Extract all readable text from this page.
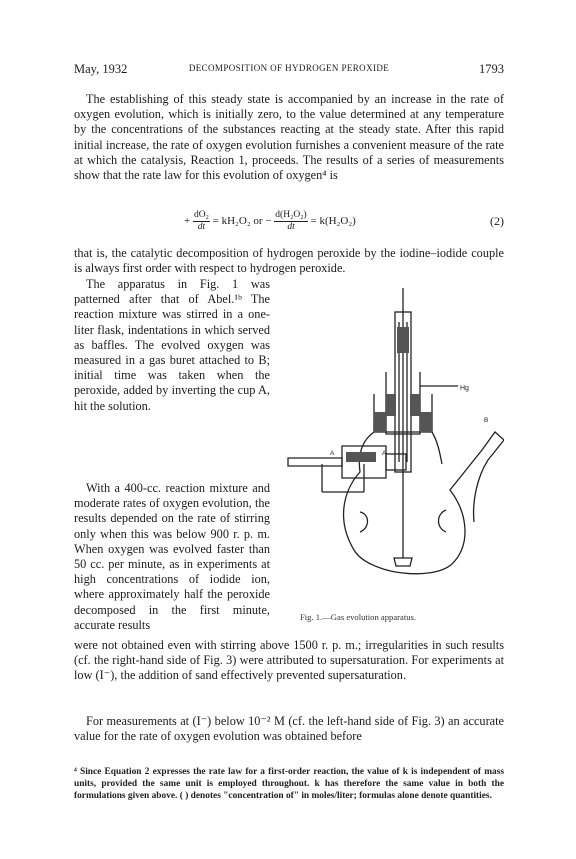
May, 1932	DECOMPOSITION OF HYDROGEN PEROXIDE	1793
The establishing of this steady state is accompanied by an increase in the rate of oxygen evolution, which is initially zero, to the value determined at any temperature by the concentrations of the substances reacting at the steady state. After this rapid initial increase, the rate of oxygen evolution furnishes a convenient measure of the rate at which the catalysis, Reaction 1, proceeds. The results of a series of measurements show that the rate law for this evolution of oxygen⁴ is
+ $\frac{\text{dO₂}}{dt} = kH_2O_2$ or − $\frac{\text{d(H₂O₂)}}{dt} = k(H_2O_2)$	(2)
that is, the catalytic decomposition of hydrogen peroxide by the iodine–iodide couple is always first order with respect to hydrogen peroxide.
The apparatus in Fig. 1 was patterned after that of Abel.¹ᵇ The reaction mixture was stirred in a one-liter flask, indentations in which served as baffles. The evolved oxygen was measured in a gas buret attached to B; initial time was taken when the peroxide, added by inverting the cup A, hit the solution.
With a 400-cc. reaction mixture and moderate rates of oxygen evolution, the results depended on the rate of stirring only when this was below 900 r. p. m. When oxygen was evolved faster than 50 cc. per minute, as in experiments at high concentrations of iodide ion, where approximately half the peroxide decomposed in the first minute, accurate results
Hg
B
A	A
Fig. 1.—Gas evolution apparatus.
were not obtained even with stirring above 1500 r. p. m.; irregularities in such results (cf. the right-hand side of Fig. 3) were attributed to supersaturation. For experiments at low (I⁻), the addition of sand effectively prevented supersaturation.
For measurements at (I⁻) below 10⁻² M (cf. the left-hand side of Fig. 3) an accurate value for the rate of oxygen evolution was obtained before
⁴ Since Equation 2 expresses the rate law for a first-order reaction, the value of k is independent of mass units, provided the same unit is employed throughout. k has therefore the same value in both the formulations given above. ( ) denotes "concentration of" in moles/liter; formulas alone denote quantities.
